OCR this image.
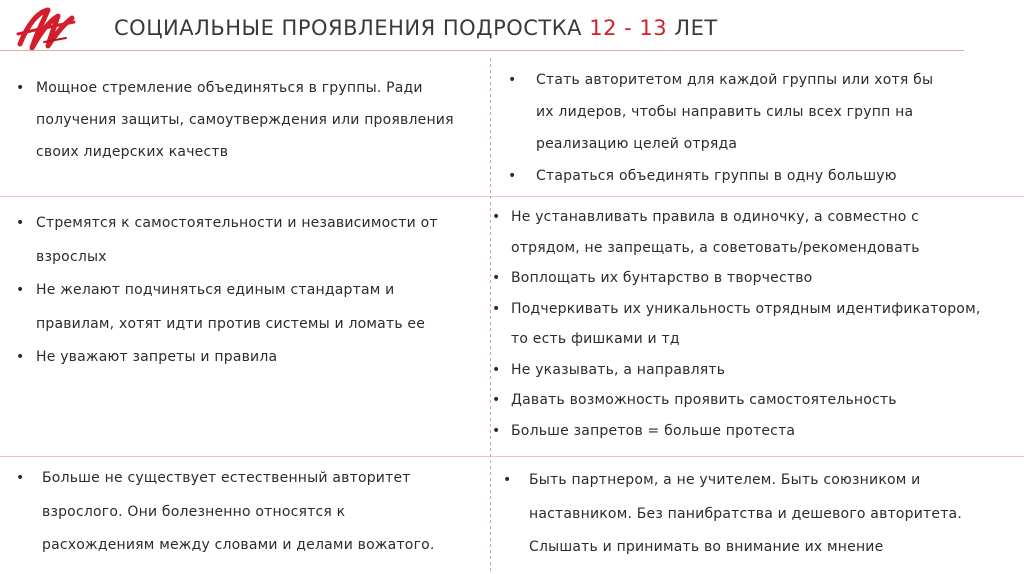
СОЦИАЛЬНЫЕ ПРОЯВЛЕНИЯ ПОДРОСТКА 12 - 13 ЛЕТ
• Мощное стремление объединяться в группы. Ради
получения защиты, самоутверждения или проявления
своих лидерских качеств
• Стать авторитетом для каждой группы или хотя бы
их лидеров, чтобы направить силы всех групп на
реализацию целей отряда
• Стараться объединять группы в одну большую
• Стремятся к самостоятельности и независимости от
взрослых
• Не желают подчиняться единым стандартам и
правилам, хотят идти против системы и ломать ее
• Не уважают запреты и правила
• Не устанавливать правила в одиночку, а совместно с
отрядом, не запрещать, а советовать/рекомендовать
• Воплощать их бунтарство в творчество
• Подчеркивать их уникальность отрядным идентификатором,
то есть фишками и тд
• Не указывать, а направлять
• Давать возможность проявить самостоятельность
• Больше запретов = больше протеста
• Больше не существует естественный авторитет
взрослого. Они болезненно относятся к
расхождениям между словами и делами вожатого.
• Быть партнером, а не учителем. Быть союзником и
наставником. Без панибратства и дешевого авторитета.
Слышать и принимать во внимание их мнение
